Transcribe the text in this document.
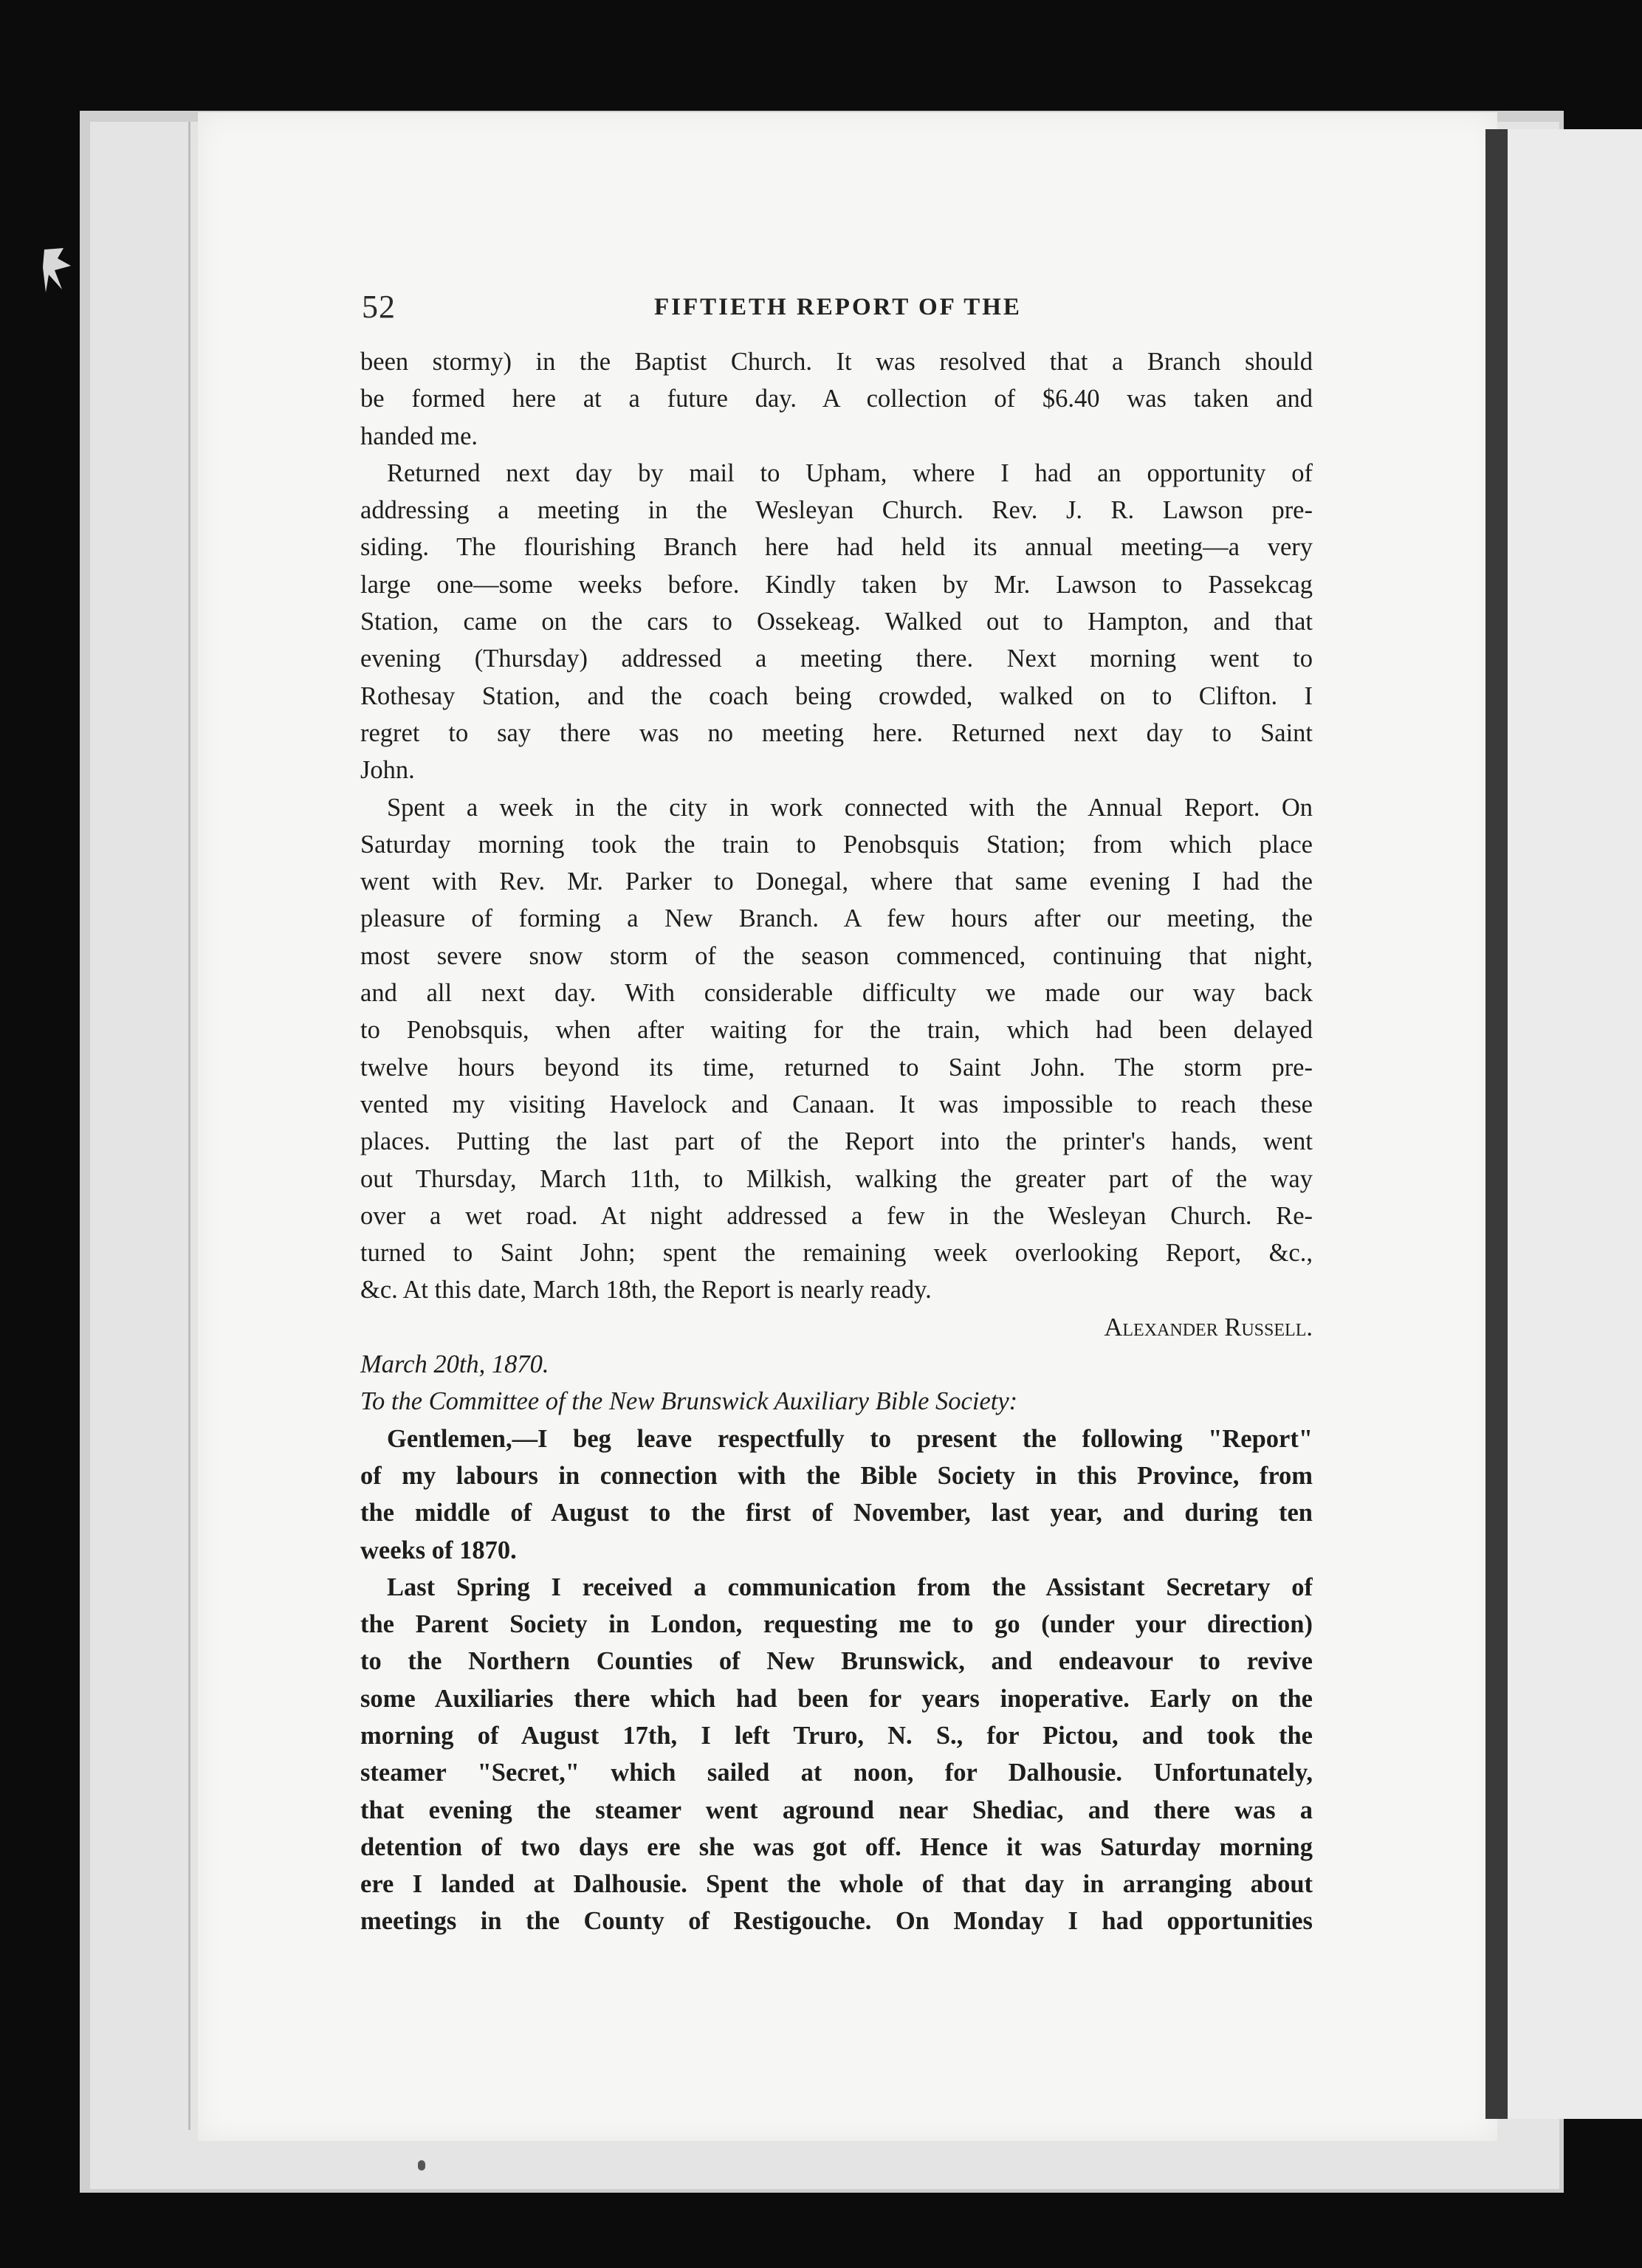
52	FIFTIETH REPORT OF THE
been stormy) in the Baptist Church. It was resolved that a Branch should
be formed here at a future day. A collection of $6.40 was taken and
handed me.
Returned next day by mail to Upham, where I had an opportunity of
addressing a meeting in the Wesleyan Church. Rev. J. R. Lawson pre-
siding. The flourishing Branch here had held its annual meeting—a very
large one—some weeks before. Kindly taken by Mr. Lawson to Passekcag
Station, came on the cars to Ossekeag. Walked out to Hampton, and that
evening (Thursday) addressed a meeting there. Next morning went to
Rothesay Station, and the coach being crowded, walked on to Clifton. I
regret to say there was no meeting here. Returned next day to Saint
John.
Spent a week in the city in work connected with the Annual Report. On
Saturday morning took the train to Penobsquis Station; from which place
went with Rev. Mr. Parker to Donegal, where that same evening I had the
pleasure of forming a New Branch. A few hours after our meeting, the
most severe snow storm of the season commenced, continuing that night,
and all next day. With considerable difficulty we made our way back
to Penobsquis, when after waiting for the train, which had been delayed
twelve hours beyond its time, returned to Saint John. The storm pre-
vented my visiting Havelock and Canaan. It was impossible to reach these
places. Putting the last part of the Report into the printer's hands, went
out Thursday, March 11th, to Milkish, walking the greater part of the way
over a wet road. At night addressed a few in the Wesleyan Church. Re-
turned to Saint John; spent the remaining week overlooking Report, &c.,
&c. At this date, March 18th, the Report is nearly ready.
Alexander Russell.
March 20th, 1870.
To the Committee of the New Brunswick Auxiliary Bible Society:
Gentlemen,—I beg leave respectfully to present the following "Report"
of my labours in connection with the Bible Society in this Province, from
the middle of August to the first of November, last year, and during ten
weeks of 1870.
Last Spring I received a communication from the Assistant Secretary of
the Parent Society in London, requesting me to go (under your direction)
to the Northern Counties of New Brunswick, and endeavour to revive
some Auxiliaries there which had been for years inoperative. Early on the
morning of August 17th, I left Truro, N. S., for Pictou, and took the
steamer "Secret," which sailed at noon, for Dalhousie. Unfortunately,
that evening the steamer went aground near Shediac, and there was a
detention of two days ere she was got off. Hence it was Saturday morning
ere I landed at Dalhousie. Spent the whole of that day in arranging about
meetings in the County of Restigouche. On Monday I had opportunities
